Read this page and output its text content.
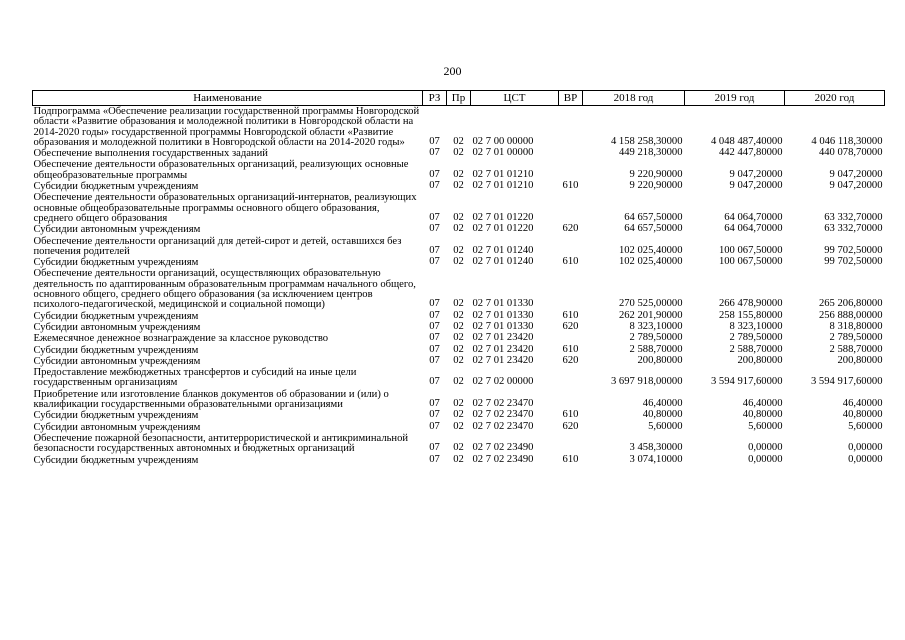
200
Наименование	РЗ	Пр	ЦСТ	ВР	2018 год	2019 год	2020 год
Подпрограмма «Обеспечение реализации государственной программы Новгородской области «Развитие образования и молодежной политики в Новгородской области на 2014-2020 годы» государственной программы Новгородской области «Развитие образования и молодежной политики в Новгородской области на 2014-2020 годы»	07	02	02 7 00 00000		4 158 258,30000	4 048 487,40000	4 046 118,30000
Обеспечение выполнения государственных заданий	07	02	02 7 01 00000		449 218,30000	442 447,80000	440 078,70000
Обеспечение деятельности образовательных организаций, реализующих основные общеобразовательные программы	07	02	02 7 01 01210		9 220,90000	9 047,20000	9 047,20000
Субсидии бюджетным учреждениям	07	02	02 7 01 01210	610	9 220,90000	9 047,20000	9 047,20000
Обеспечение деятельности образовательных организаций-интернатов, реализующих основные общеобразовательные программы основного общего образования, среднего общего образования	07	02	02 7 01 01220		64 657,50000	64 064,70000	63 332,70000
Субсидии автономным учреждениям	07	02	02 7 01 01220	620	64 657,50000	64 064,70000	63 332,70000
Обеспечение деятельности организаций для детей-сирот и детей, оставшихся без попечения родителей	07	02	02 7 01 01240		102 025,40000	100 067,50000	99 702,50000
Субсидии бюджетным учреждениям	07	02	02 7 01 01240	610	102 025,40000	100 067,50000	99 702,50000
Обеспечение деятельности организаций, осуществляющих образовательную деятельность по адаптированным образовательным программам начального общего, основного общего, среднего общего образования (за исключением центров психолого-педагогической, медицинской и социальной помощи)	07	02	02 7 01 01330		270 525,00000	266 478,90000	265 206,80000
Субсидии бюджетным учреждениям	07	02	02 7 01 01330	610	262 201,90000	258 155,80000	256 888,00000
Субсидии автономным учреждениям	07	02	02 7 01 01330	620	8 323,10000	8 323,10000	8 318,80000
Ежемесячное денежное вознаграждение за классное руководство	07	02	02 7 01 23420		2 789,50000	2 789,50000	2 789,50000
Субсидии бюджетным учреждениям	07	02	02 7 01 23420	610	2 588,70000	2 588,70000	2 588,70000
Субсидии автономным учреждениям	07	02	02 7 01 23420	620	200,80000	200,80000	200,80000
Предоставление межбюджетных трансфертов и субсидий на иные цели государственным организациям	07	02	02 7 02 00000		3 697 918,00000	3 594 917,60000	3 594 917,60000
Приобретение или изготовление бланков документов об образовании и (или) о квалификации государственными образовательными организациями	07	02	02 7 02 23470		46,40000	46,40000	46,40000
Субсидии бюджетным учреждениям	07	02	02 7 02 23470	610	40,80000	40,80000	40,80000
Субсидии автономным учреждениям	07	02	02 7 02 23470	620	5,60000	5,60000	5,60000
Обеспечение пожарной безопасности, антитеррористической и антикриминальной безопасности государственных автономных и бюджетных организаций	07	02	02 7 02 23490		3 458,30000	0,00000	0,00000
Субсидии бюджетным учреждениям	07	02	02 7 02 23490	610	3 074,10000	0,00000	0,00000
